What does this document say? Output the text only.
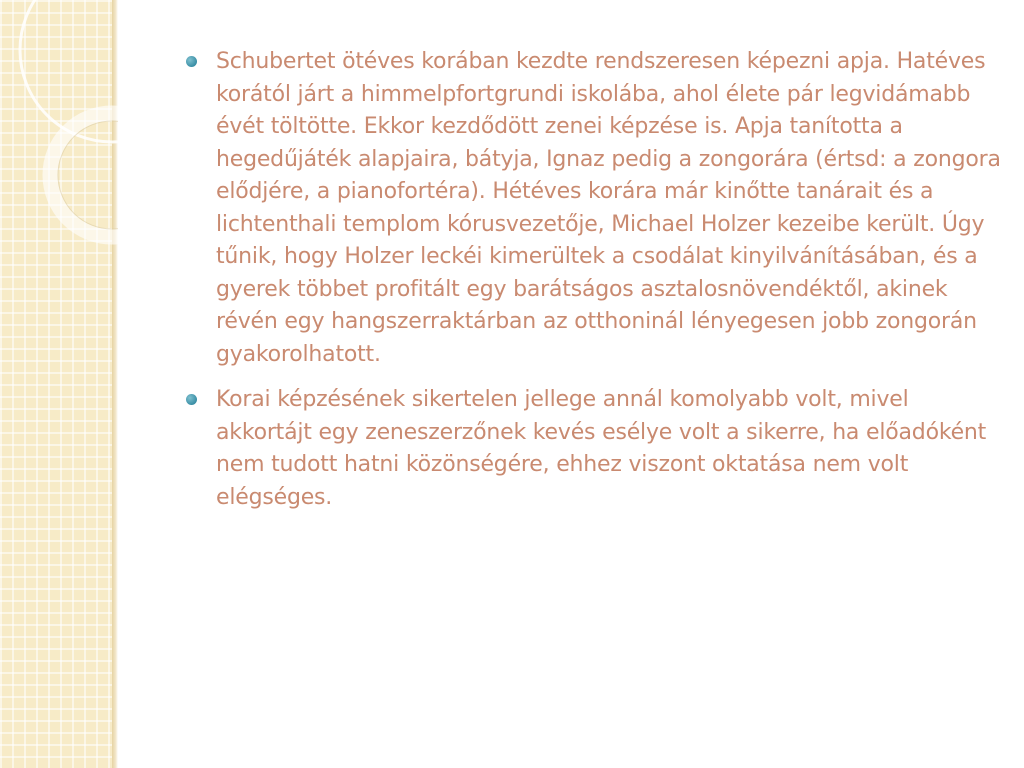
Schubertet ötéves korában kezdte rendszeresen képezni apja. Hatéves korától járt a himmelpfortgrundi iskolába, ahol élete pár legvidámabb évét töltötte. Ekkor kezdődött zenei képzése is. Apja tanította a hegedűjáték alapjaira, bátyja, Ignaz pedig a zongorára (értsd: a zongora elődjére, a pianofortéra). Hétéves korára már kinőtte tanárait és a lichtenthali templom kórusvezetője, Michael Holzer kezeibe került. Úgy tűnik, hogy Holzer leckéi kimerültek a csodálat kinyilvánításában, és a gyerek többet profitált egy barátságos asztalosnövendéktől, akinek révén egy hangszerraktárban az otthoninál lényegesen jobb zongorán gyakorolhatott.
Korai képzésének sikertelen jellege annál komolyabb volt, mivel akkortájt egy zeneszerzőnek kevés esélye volt a sikerre, ha előadóként nem tudott hatni közönségére, ehhez viszont oktatása nem volt elégséges.
